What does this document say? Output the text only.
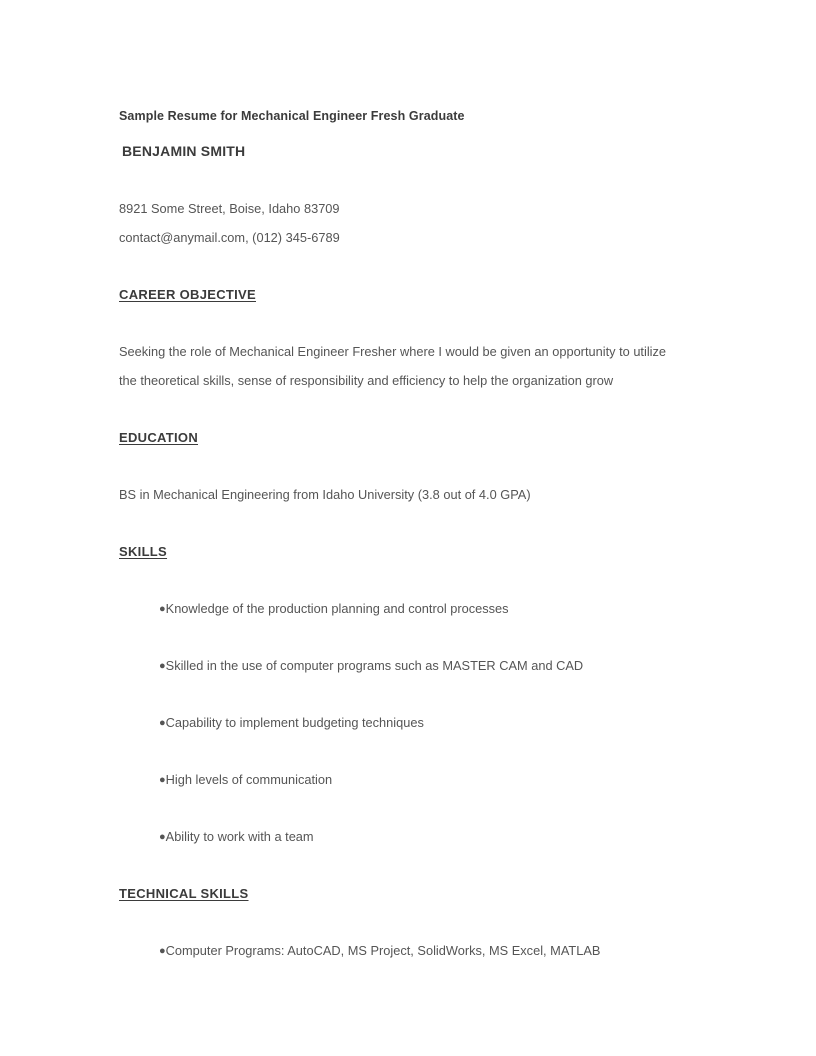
Sample Resume for Mechanical Engineer Fresh Graduate
BENJAMIN SMITH
8921 Some Street, Boise, Idaho 83709
contact@anymail.com, (012) 345-6789
CAREER OBJECTIVE
Seeking the role of Mechanical Engineer Fresher where I would be given an opportunity to utilize
the theoretical skills, sense of responsibility and efficiency to help the organization grow
EDUCATION
BS in Mechanical Engineering from Idaho University (3.8 out of 4.0 GPA)
SKILLS
●Knowledge of the production planning and control processes
●Skilled in the use of computer programs such as MASTER CAM and CAD
●Capability to implement budgeting techniques
●High levels of communication
●Ability to work with a team
TECHNICAL SKILLS
●Computer Programs: AutoCAD, MS Project, SolidWorks, MS Excel, MATLAB
